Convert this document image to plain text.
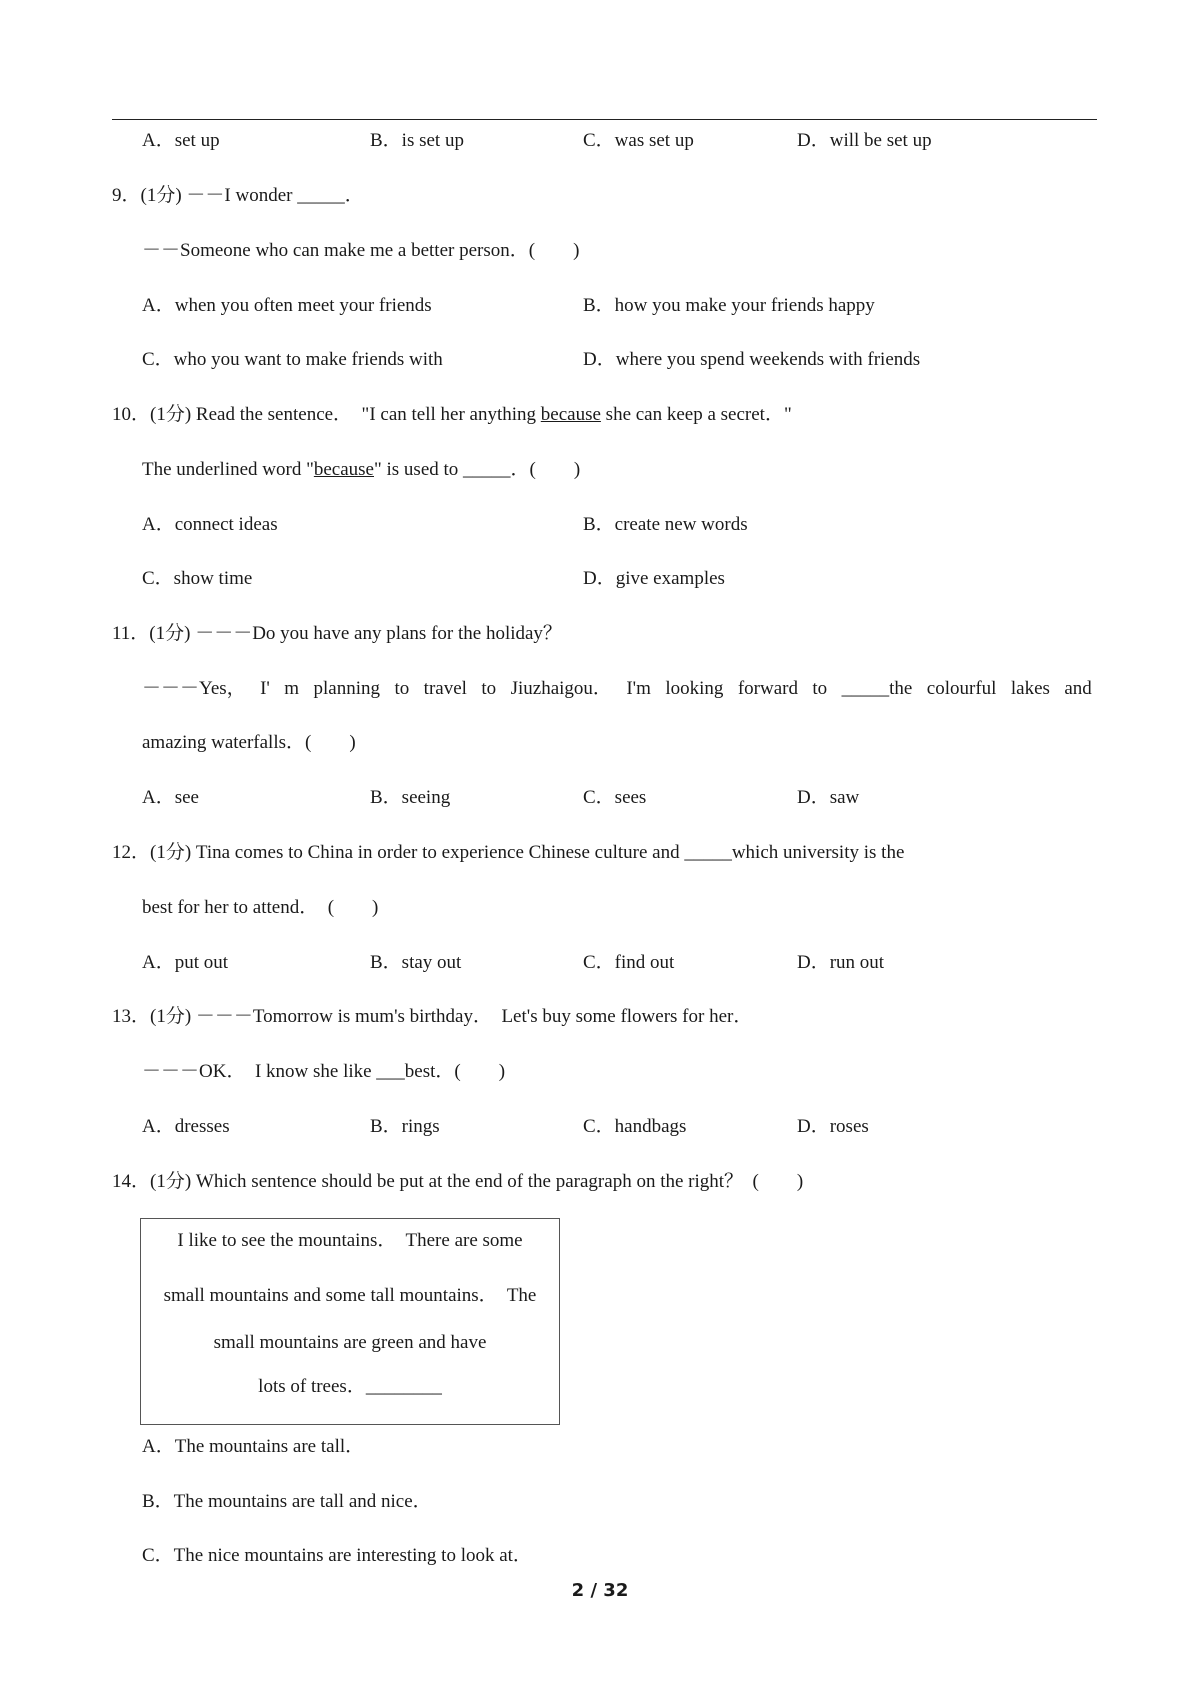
A．set up	B．is set up	C．was set up	D．will be set up
9．(1分) －－I wonder _____．
－－Someone who can make me a better person．(　　)
A．when you often meet your friends	B．how you make your friends happy
C．who you want to make friends with	D．where you spend weekends with friends
10．(1分) Read the sentence．  "I can tell her anything because she can keep a secret．"
The underlined word "because" is used to _____．(　　)
A．connect ideas	B．create new words
C．show time	D．give examples
11．(1分) －－－Do you have any plans for the holiday？
－－－Yes， I' m planning to travel to Jiuzhaigou． I'm looking forward to _____the colourful lakes and
amazing waterfalls．(　　)
A．see	B．seeing	C．sees	D．saw
12．(1分) Tina comes to China in order to experience Chinese culture and _____which university is the
best for her to attend．  (　　)
A．put out	B．stay out	C．find out	D．run out
13．(1分) －－－Tomorrow is mum's birthday．  Let's buy some flowers for her．
－－－OK．  I know she like ___best．(　　)
A．dresses	B．rings	C．handbags	D．roses
14．(1分) Which sentence should be put at the end of the paragraph on the right？  (　　)
I like to see the mountains．  There are some
small mountains and some tall mountains．  The
small mountains are green and have
lots of trees．________
A．The mountains are tall．
B．The mountains are tall and nice．
C．The nice mountains are interesting to look at．
2 / 32
